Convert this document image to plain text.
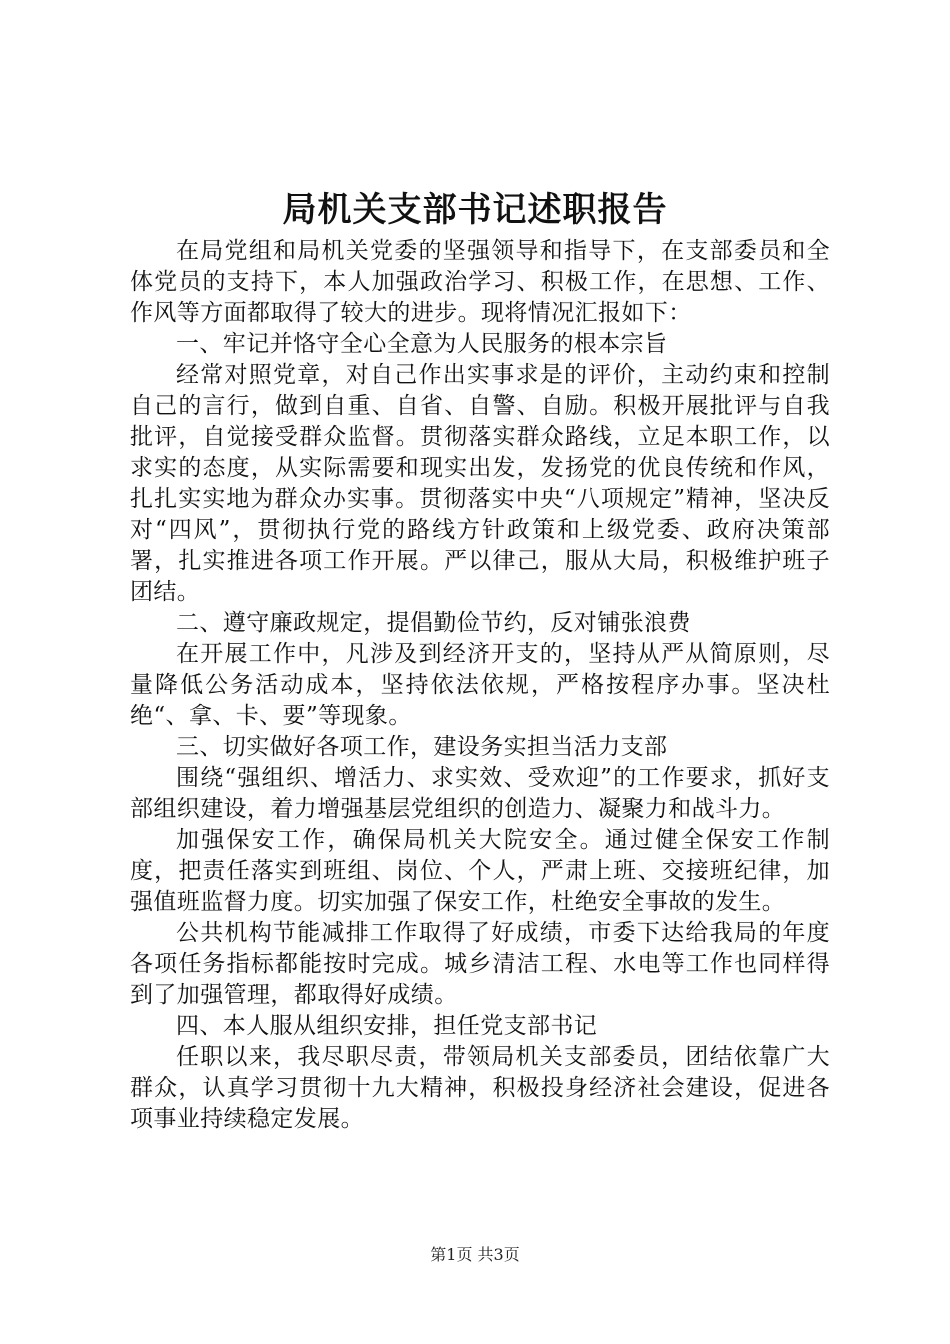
局机关支部书记述职报告

在局党组和局机关党委的坚强领导和指导下，在支部委员和全体党员的支持下，本人加强政治学习、积极工作，在思想、工作、作风等方面都取得了较大的进步。现将情况汇报如下：

一、牢记并恪守全心全意为人民服务的根本宗旨

经常对照党章，对自己作出实事求是的评价，主动约束和控制自己的言行，做到自重、自省、自警、自励。积极开展批评与自我批评，自觉接受群众监督。贯彻落实群众路线，立足本职工作，以求实的态度，从实际需要和现实出发，发扬党的优良传统和作风，扎扎实实地为群众办实事。贯彻落实中央“八项规定”精神，坚决反对“四风”，贯彻执行党的路线方针政策和上级党委、政府决策部署，扎实推进各项工作开展。严以律己，服从大局，积极维护班子团结。

二、遵守廉政规定，提倡勤俭节约，反对铺张浪费

在开展工作中，凡涉及到经济开支的，坚持从严从简原则，尽量降低公务活动成本，坚持依法依规，严格按程序办事。坚决杜绝“、拿、卡、要”等现象。

三、切实做好各项工作，建设务实担当活力支部

围绕“强组织、增活力、求实效、受欢迎”的工作要求，抓好支部组织建设，着力增强基层党组织的创造力、凝聚力和战斗力。

加强保安工作，确保局机关大院安全。通过健全保安工作制度，把责任落实到班组、岗位、个人，严肃上班、交接班纪律，加强值班监督力度。切实加强了保安工作，杜绝安全事故的发生。

公共机构节能减排工作取得了好成绩，市委下达给我局的年度各项任务指标都能按时完成。城乡清洁工程、水电等工作也同样得到了加强管理，都取得好成绩。

四、本人服从组织安排，担任党支部书记

任职以来，我尽职尽责，带领局机关支部委员，团结依靠广大群众，认真学习贯彻十九大精神，积极投身经济社会建设，促进各项事业持续稳定发展。

第1页 共3页
